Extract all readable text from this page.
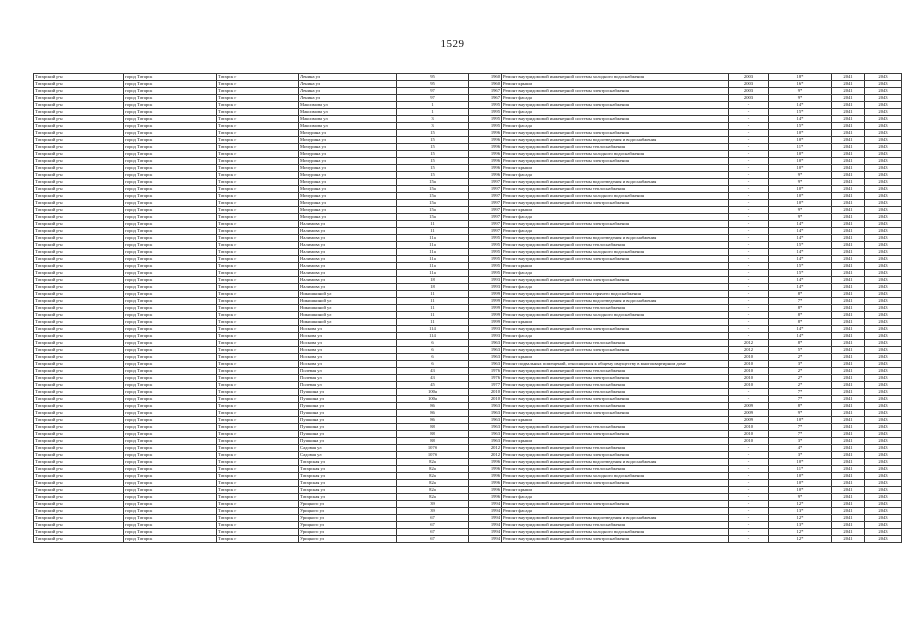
1529
Татарский р-н	город Татарск	Татарск г	Ленина ул	95	1960	Ремонт внутридомовой инженерной системы холодного водоснабжения	2003	18*	2041	2043
Татарский р-н	город Татарск	Татарск г	Ленина ул	95	1960	Ремонт крыши	2003	16*	2041	2043
Татарский р-н	город Татарск	Татарск г	Ленина ул	97	1967	Ремонт внутридомовой инженерной системы электроснабжения	2003	9*	2041	2043
Татарский р-н	город Татарск	Татарск г	Ленина ул	97	1967	Ремонт фасада	2003	9*	2041	2043
Татарский р-н	город Татарск	Татарск г	Максимова ул	1	1995	Ремонт внутридомовой инженерной системы электроснабжения	-	14*	2041	2043
Татарский р-н	город Татарск	Татарск г	Максимова ул	1	1995	Ремонт фасада	-	15*	2041	2043
Татарский р-н	город Татарск	Татарск г	Максимова ул	3	1995	Ремонт внутридомовой инженерной системы электроснабжения	-	14*	2041	2043
Татарский р-н	город Татарск	Татарск г	Максимова ул	3	1995	Ремонт фасада	-	15*	2041	2043
Татарский р-н	город Татарск	Татарск г	Мичурина ул	15	1996	Ремонт внутридомовой инженерной системы электроснабжения	-	10*	2041	2043
Татарский р-н	город Татарск	Татарск г	Мичурина ул	15	1996	Ремонт внутридомовой инженерной системы водоотведения и водоснабжения	-	10*	2041	2043
Татарский р-н	город Татарск	Татарск г	Мичурина ул	15	1996	Ремонт внутридомовой инженерной системы теплоснабжения	-	11*	2041	2043
Татарский р-н	город Татарск	Татарск г	Мичурина ул	15	1996	Ремонт внутридомовой инженерной системы холодного водоснабжения	-	10*	2041	2043
Татарский р-н	город Татарск	Татарск г	Мичурина ул	15	1996	Ремонт внутридомовой инженерной системы электроснабжения	-	10*	2041	2043
Татарский р-н	город Татарск	Татарск г	Мичурина ул	15	1996	Ремонт крыши	-	10*	2041	2043
Татарский р-н	город Татарск	Татарск г	Мичурина ул	15	1996	Ремонт фасада	-	9*	2041	2043
Татарский р-н	город Татарск	Татарск г	Мичурина ул	15а	1997	Ремонт внутридомовой инженерной системы водоотведения и водоснабжения	-	9*	2041	2043
Татарский р-н	город Татарск	Татарск г	Мичурина ул	15а	1997	Ремонт внутридомовой инженерной системы теплоснабжения	-	10*	2041	2043
Татарский р-н	город Татарск	Татарск г	Мичурина ул	15а	1997	Ремонт внутридомовой инженерной системы холодного водоснабжения	-	10*	2041	2043
Татарский р-н	город Татарск	Татарск г	Мичурина ул	15а	1997	Ремонт внутридомовой инженерной системы электроснабжения	-	10*	2041	2043
Татарский р-н	город Татарск	Татарск г	Мичурина ул	15а	1997	Ремонт крыши	-	9*	2041	2043
Татарский р-н	город Татарск	Татарск г	Мичурина ул	15а	1997	Ремонт фасада	-	9*	2041	2043
Татарский р-н	город Татарск	Татарск г	Налимова ул	11	1997	Ремонт внутридомовой инженерной системы электроснабжения	-	14*	2041	2043
Татарский р-н	город Татарск	Татарск г	Налимова ул	11	1997	Ремонт фасада	-	14*	2041	2043
Татарский р-н	город Татарск	Татарск г	Налимова ул	11а	1995	Ремонт внутридомовой инженерной системы водоотведения и водоснабжения	-	14*	2041	2043
Татарский р-н	город Татарск	Татарск г	Налимова ул	11а	1995	Ремонт внутридомовой инженерной системы теплоснабжения	-	15*	2041	2043
Татарский р-н	город Татарск	Татарск г	Налимова ул	11а	1995	Ремонт внутридомовой инженерной системы холодного водоснабжения	-	14*	2041	2043
Татарский р-н	город Татарск	Татарск г	Налимова ул	11а	1995	Ремонт внутридомовой инженерной системы электроснабжения	-	14*	2041	2043
Татарский р-н	город Татарск	Татарск г	Налимова ул	11а	1995	Ремонт крыши	-	15*	2041	2043
Татарский р-н	город Татарск	Татарск г	Налимова ул	11а	1995	Ремонт фасада	-	15*	2041	2043
Татарский р-н	город Татарск	Татарск г	Налимова ул	18	1993	Ремонт внутридомовой инженерной системы электроснабжения	-	14*	2041	2043
Татарский р-н	город Татарск	Татарск г	Налимова ул	18	1993	Ремонт фасада	-	14*	2041	2043
Татарский р-н	город Татарск	Татарск г	Никишкиной ул	11	1999	Ремонт внутридомовой инженерной системы горячего водоснабжения	-	8*	2041	2043
Татарский р-н	город Татарск	Татарск г	Никишкиной ул	11	1999	Ремонт внутридомовой инженерной системы водоотведения и водоснабжения	-	7*	2041	2043
Татарский р-н	город Татарск	Татарск г	Никишкиной ул	11	1999	Ремонт внутридомовой инженерной системы теплоснабжения	-	8*	2041	2043
Татарский р-н	город Татарск	Татарск г	Никишкиной ул	11	1999	Ремонт внутридомовой инженерной системы холодного водоснабжения	-	8*	2041	2043
Татарский р-н	город Татарск	Татарск г	Никишкиной ул	11	1999	Ремонт крыши	-	8*	2041	2043
Татарский р-н	город Татарск	Татарск г	Носкова ул	114	1993	Ремонт внутридомовой инженерной системы электроснабжения	-	14*	2041	2043
Татарский р-н	город Татарск	Татарск г	Носкова ул	114	1993	Ремонт фасада	-	14*	2041	2043
Татарский р-н	город Татарск	Татарск г	Носкова ул	6	1963	Ремонт внутридомовой инженерной системы теплоснабжения	2012	8*	2041	2043
Татарский р-н	город Татарск	Татарск г	Носкова ул	6	1963	Ремонт внутридомовой инженерной системы электроснабжения	2012	5*	2041	2043
Татарский р-н	город Татарск	Татарск г	Носкова ул	6	1963	Ремонт крыши	2010	2*	2041	2043
Татарский р-н	город Татарск	Татарск г	Носкова ул	6	1963	Ремонт подвальных помещений, относящихся к общему имуществу в многоквартирном доме	2010	3*	2041	2043
Татарский р-н	город Татарск	Татарск г	Полевая ул	43	1976	Ремонт внутридомовой инженерной системы теплоснабжения	2010	2*	2041	2043
Татарский р-н	город Татарск	Татарск г	Полевая ул	43	1976	Ремонт внутридомовой инженерной системы электроснабжения	2010	2*	2041	2043
Татарский р-н	город Татарск	Татарск г	Полевая ул	45	1977	Ремонт внутридомовой инженерной системы теплоснабжения	2010	2*	2041	2043
Татарский р-н	город Татарск	Татарск г	Пушкина ул	100а	2010	Ремонт внутридомовой инженерной системы теплоснабжения	-	7*	2041	2043
Татарский р-н	город Татарск	Татарск г	Пушкина ул	100а	2010	Ремонт внутридомовой инженерной системы электроснабжения	-	7*	2041	2043
Татарский р-н	город Татарск	Татарск г	Пушкина ул	86	1963	Ремонт внутридомовой инженерной системы теплоснабжения	2009	8*	2041	2043
Татарский р-н	город Татарск	Татарск г	Пушкина ул	86	1963	Ремонт внутридомовой инженерной системы электроснабжения	2009	9*	2041	2043
Татарский р-н	город Татарск	Татарск г	Пушкина ул	86	1963	Ремонт крыши	2009	10*	2041	2043
Татарский р-н	город Татарск	Татарск г	Пушкина ул	88	1963	Ремонт внутридомовой инженерной системы теплоснабжения	2010	7*	2041	2043
Татарский р-н	город Татарск	Татарск г	Пушкина ул	88	1963	Ремонт внутридомовой инженерной системы электроснабжения	2010	7*	2041	2043
Татарский р-н	город Татарск	Татарск г	Пушкина ул	88	1963	Ремонт крыши	2010	3*	2041	2043
Татарский р-н	город Татарск	Татарск г	Садовая ул	107б	2012	Ремонт внутридомовой инженерной системы теплоснабжения	-	4*	2041	2043
Татарский р-н	город Татарск	Татарск г	Садовая ул	107б	2012	Ремонт внутридомовой инженерной системы электроснабжения	-	3*	2041	2043
Татарский р-н	город Татарск	Татарск г	Татарская ул	82а	1996	Ремонт внутридомовой инженерной системы водоотведения и водоснабжения	-	10*	2041	2043
Татарский р-н	город Татарск	Татарск г	Татарская ул	82а	1996	Ремонт внутридомовой инженерной системы теплоснабжения	-	11*	2041	2043
Татарский р-н	город Татарск	Татарск г	Татарская ул	82а	1996	Ремонт внутридомовой инженерной системы холодного водоснабжения	-	10*	2041	2043
Татарский р-н	город Татарск	Татарск г	Татарская ул	82а	1996	Ремонт внутридомовой инженерной системы электроснабжения	-	10*	2041	2043
Татарский р-н	город Татарск	Татарск г	Татарская ул	82а	1996	Ремонт крыши	-	10*	2041	2043
Татарский р-н	город Татарск	Татарск г	Татарская ул	82а	1996	Ремонт фасада	-	9*	2041	2043
Татарский р-н	город Татарск	Татарск г	Урицкого ул	39	1994	Ремонт внутридомовой инженерной системы электроснабжения	-	12*	2041	2043
Татарский р-н	город Татарск	Татарск г	Урицкого ул	39	1994	Ремонт фасада	-	13*	2041	2043
Татарский р-н	город Татарск	Татарск г	Урицкого ул	67	1994	Ремонт внутридомовой инженерной системы водоотведения и водоснабжения	-	12*	2041	2043
Татарский р-н	город Татарск	Татарск г	Урицкого ул	67	1994	Ремонт внутридомовой инженерной системы теплоснабжения	-	13*	2041	2043
Татарский р-н	город Татарск	Татарск г	Урицкого ул	67	1994	Ремонт внутридомовой инженерной системы холодного водоснабжения	-	12*	2041	2043
Татарский р-н	город Татарск	Татарск г	Урицкого ул	67	1994	Ремонт внутридомовой инженерной системы электроснабжения	-	12*	2041	2043
